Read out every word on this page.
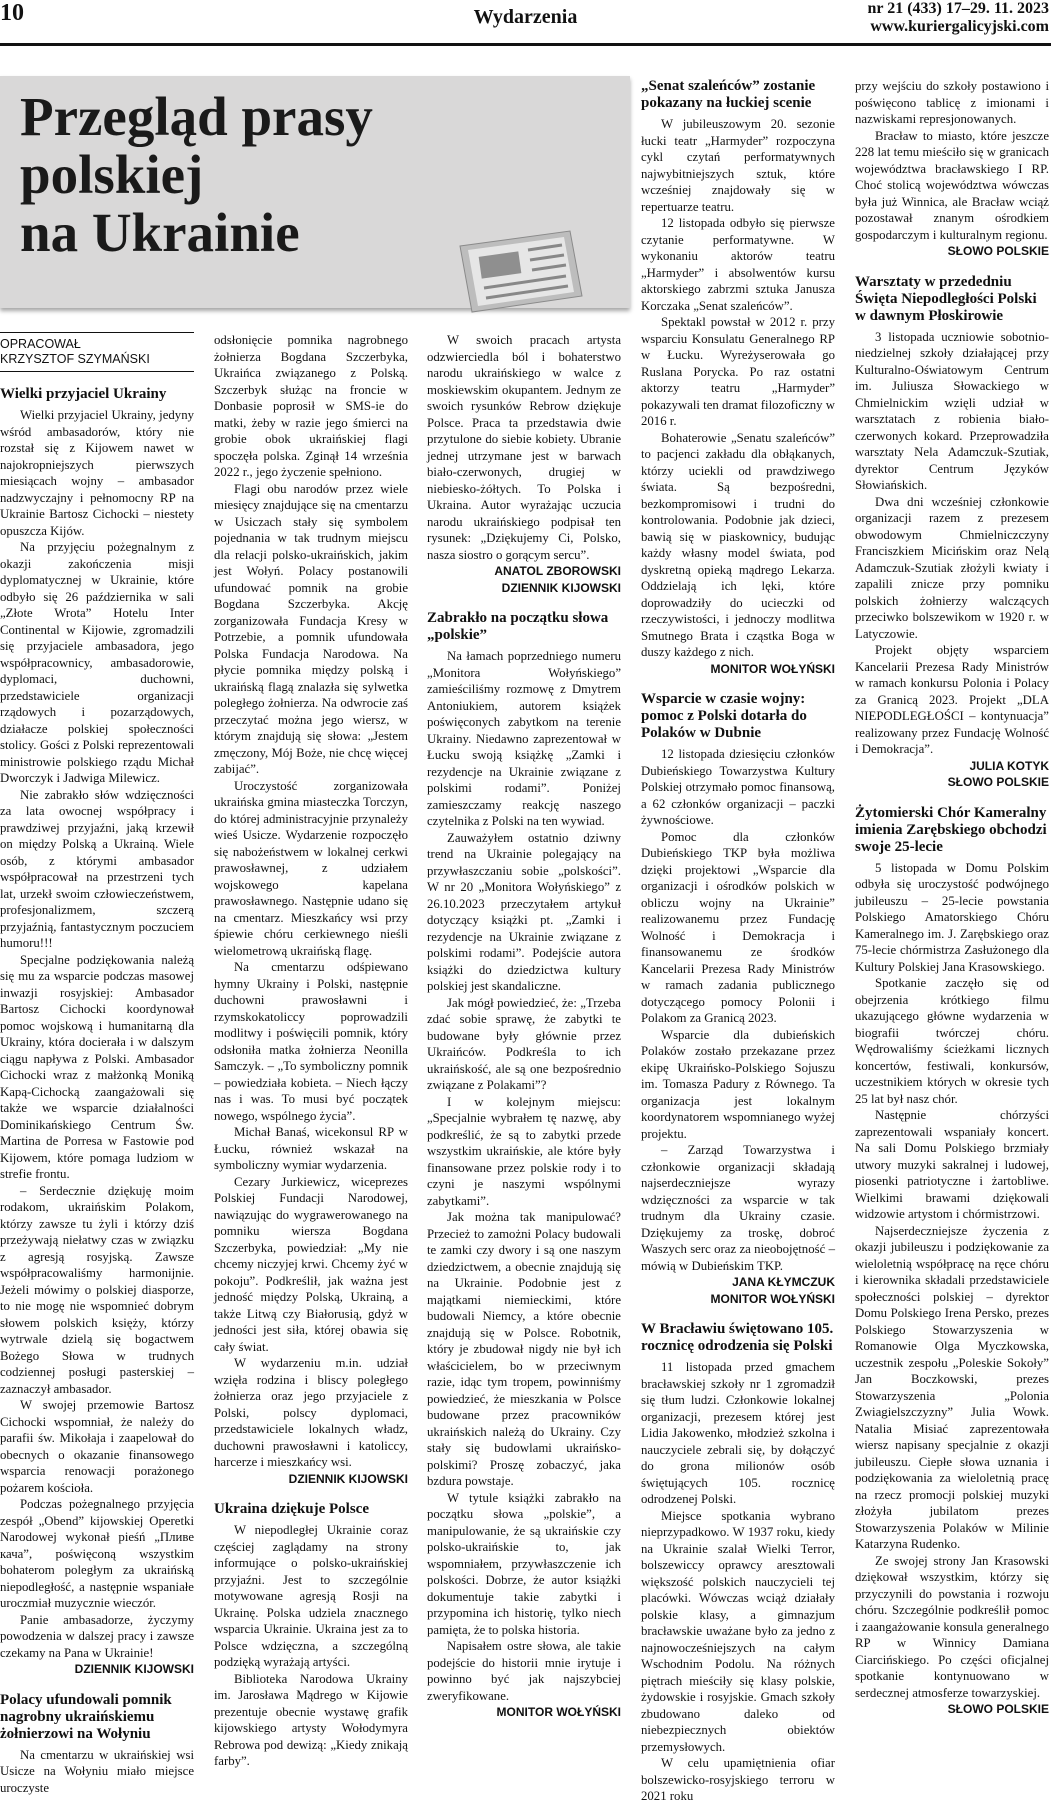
10	Wydarzenia	nr 21 (433) 17–29. 11. 2023
www.kuriergalicyjski.com
Przegląd prasy
polskiej
na Ukrainie

OPRACOWAŁ
KRZYSZTOF SZYMAŃSKI

Wielki przyjaciel Ukrainy

Wielki przyjaciel Ukrainy, jedyny wśród ambasadorów, który nie rozstał się z Kijowem nawet w najokropniejszych pierwszych miesiącach wojny – ambasador nadzwyczajny i pełnomocny RP na Ukrainie Bartosz Cichocki – niestety opuszcza Kijów.

Na przyjęciu pożegnalnym z okazji zakończenia misji dyplomatycznej w Ukrainie, które odbyło się 26 października w sali „Złote Wrota” Hotelu Inter Continental w Kijowie, zgromadzili się przyjaciele ambasadora, jego współpracownicy, ambasadorowie, dyplomaci, duchowni, przedstawiciele organizacji rządowych i pozarządowych, działacze polskiej społeczności stolicy. Gości z Polski reprezentowali ministrowie polskiego rządu Michał Dworczyk i Jadwiga Milewicz.

Nie zabrakło słów wdzięczności za lata owocnej współpracy i prawdziwej przyjaźni, jaką krzewił on między Polską a Ukrainą. Wiele osób, z którymi ambasador współpracował na przestrzeni tych lat, urzekł swoim człowieczeństwem, profesjonalizmem, szczerą przyjaźnią, fantastycznym poczuciem humoru!!!

Specjalne podziękowania należą się mu za wsparcie podczas masowej inwazji rosyjskiej: Ambasador Bartosz Cichocki koordynował pomoc wojskową i humanitarną dla Ukrainy, która docierała i w dalszym ciągu napływa z Polski. Ambasador Cichocki wraz z małżonką Moniką Kapą-Cichocką zaangażowali się także we wsparcie działalności Dominikańskiego Centrum Św. Martina de Porresa w Fastowie pod Kijowem, które pomaga ludziom w strefie frontu.

– Serdecznie dziękuję moim rodakom, ukraińskim Polakom, którzy zawsze tu żyli i którzy dziś przeżywają niełatwy czas w związku z agresją rosyjską. Zawsze współpracowaliśmy harmonijnie. Jeżeli mówimy o polskiej diasporze, to nie mogę nie wspomnieć dobrym słowem polskich księży, którzy wytrwale dzielą się bogactwem Bożego Słowa w trudnych codziennej posługi pasterskiej – zaznaczył ambasador.

W swojej przemowie Bartosz Cichocki wspomniał, że należy do parafii św. Mikołaja i zaapelował do obecnych o okazanie finansowego wsparcia renowacji porażonego pożarem kościoła.

Podczas pożegnalnego przyjęcia zespół „Obend” kijowskiej Operetki Narodowej wykonał pieśń „Пливе кача”, poświęconą wszystkim bohaterom poległym za ukraińską niepodległość, a następnie wspaniałe uroczmiał muzycznie wieczór.

Panie ambasadorze, życzymy powodzenia w dalszej pracy i zawsze czekamy na Pana w Ukrainie!

DZIENNIK KIJOWSKI

Polacy ufundowali pomnik nagrobny ukraińskiemu żołnierzowi na Wołyniu

Na cmentarzu w ukraińskiej wsi Usicze na Wołyniu miało miejsce uroczyste

odsłonięcie pomnika nagrobnego żołnierza Bogdana Szczerbyka, Ukraińca związanego z Polską. Szczerbyk służąc na froncie w Donbasie poprosił w SMS-ie do matki, żeby w razie jego śmierci na grobie obok ukraińskiej flagi spoczęła polska. Zginął 14 września 2022 r., jego życzenie spełniono.

Flagi obu narodów przez wiele miesięcy znajdujące się na cmentarzu w Usiczach stały się symbolem pojednania w tak trudnym miejscu dla relacji polsko-ukraińskich, jakim jest Wołyń. Polacy postanowili ufundować pomnik na grobie Bogdana Szczerbyka. Akcję zorganizowała Fundacja Kresy w Potrzebie, a pomnik ufundowała Polska Fundacja Narodowa. Na płycie pomnika między polską i ukraińską flagą znalazła się sylwetka poległego żołnierza. Na odwrocie zaś przeczytać można jego wiersz, w którym znajdują się słowa: „Jestem zmęczony, Mój Boże, nie chcę więcej zabijać”.

Uroczystość zorganizowała ukraińska gmina miasteczka Torczyn, do której administracyjnie przynależy wieś Usicze. Wydarzenie rozpoczęło się nabożeństwem w lokalnej cerkwi prawosławnej, z udziałem wojskowego kapelana prawosławnego. Następnie udano się na cmentarz. Mieszkańcy wsi przy śpiewie chóru cerkiewnego nieśli wielometrową ukraińską flagę.

Na cmentarzu odśpiewano hymny Ukrainy i Polski, następnie duchowni prawosławni i rzymskokatoliccy poprowadzili modlitwy i poświęcili pomnik, który odsłoniła matka żołnierza Neonilla Samczyk. – „To symboliczny pomnik – powiedziała kobieta. – Niech łączy nas i was. To musi być początek nowego, wspólnego życia”.

Michał Banaś, wicekonsul RP w Łucku, również wskazał na symboliczny wymiar wydarzenia.

Cezary Jurkiewicz, wiceprezes Polskiej Fundacji Narodowej, nawiązując do wygrawerowanego na pomniku wiersza Bogdana Szczerbyka, powiedział: „My nie chcemy niczyjej krwi. Chcemy żyć w pokoju”. Podkreślił, jak ważna jest jedność między Polską, Ukrainą, a także Litwą czy Białorusią, gdyż w jedności jest siła, której obawia się cały świat.

W wydarzeniu m.in. udział wzięła rodzina i bliscy poległego żołnierza oraz jego przyjaciele z Polski, polscy dyplomaci, przedstawiciele lokalnych władz, duchowni prawosławni i katoliccy, harcerze i mieszkańcy wsi.

DZIENNIK KIJOWSKI

Ukraina dziękuje Polsce

W niepodległej Ukrainie coraz częściej zaglądamy na strony informujące o polsko-ukraińskiej przyjaźni. Jest to szczególnie motywowane agresją Rosji na Ukrainę. Polska udziela znacznego wsparcia Ukrainie. Ukraina jest za to Polsce wdzięczna, a szczególną podzięką wyrażają artyści.

Biblioteka Narodowa Ukrainy im. Jarosława Mądrego w Kijowie prezentuje obecnie wystawę grafik kijowskiego artysty Wołodymyra Rebrowa pod dewizą: „Kiedy znikają farby”.

W swoich pracach artysta odzwierciedla ból i bohaterstwo narodu ukraińskiego w walce z moskiewskim okupantem. Jednym ze swoich rysunków Rebrow dziękuje Polsce. Praca ta przedstawia dwie przytulone do siebie kobiety. Ubranie jednej utrzymane jest w barwach biało-czerwonych, drugiej w niebiesko-żółtych. To Polska i Ukraina. Autor wyrażając uczucia narodu ukraińskiego podpisał ten rysunek: „Dziękujemy Ci, Polsko, nasza siostro o gorącym sercu”.

ANATOL ZBOROWSKI

DZIENNIK KIJOWSKI

Zabrakło na początku słowa „polskie”

Na łamach poprzedniego numeru „Monitora Wołyńskiego” zamieściliśmy rozmowę z Dmytrem Antoniukiem, autorem książek poświęconych zabytkom na terenie Ukrainy. Niedawno zaprezentował w Łucku swoją książkę „Zamki i rezydencje na Ukrainie związane z polskimi rodami”. Poniżej zamieszczamy reakcję naszego czytelnika z Polski na ten wywiad.

Zauważyłem ostatnio dziwny trend na Ukrainie polegający na przywłaszczaniu sobie „polskości”. W nr 20 „Monitora Wołyńskiego” z 26.10.2023 przeczytałem artykuł dotyczący książki pt. „Zamki i rezydencje na Ukrainie związane z polskimi rodami”. Podejście autora książki do dziedzictwa kultury polskiej jest skandaliczne.

Jak mógł powiedzieć, że: „Trzeba zdać sobie sprawę, że zabytki te budowane były głównie przez Ukraińców. Podkreśla to ich ukraińskość, ale są one bezpośrednio związane z Polakami”?

I w kolejnym miejscu: „Specjalnie wybrałem tę nazwę, aby podkreślić, że są to zabytki przede wszystkim ukraińskie, ale które były finansowane przez polskie rody i to czyni je naszymi wspólnymi zabytkami”.

Jak można tak manipulować? Przecież to zamożni Polacy budowali te zamki czy dwory i są one naszym dziedzictwem, a obecnie znajdują się na Ukrainie. Podobnie jest z majątkami niemieckimi, które budowali Niemcy, a które obecnie znajdują się w Polsce. Robotnik, który je zbudował nigdy nie był ich właścicielem, bo w przeciwnym razie, idąc tym tropem, powinniśmy powiedzieć, że mieszkania w Polsce budowane przez pracowników ukraińskich należą do Ukrainy. Czy stały się budowlami ukraińsko-polskimi? Proszę zobaczyć, jaka bzdura powstaje.

W tytule książki zabrakło na początku słowa „polskie”, a manipulowanie, że są ukraińskie czy polsko-ukraińskie to, jak wspomniałem, przywłaszczenie ich polskości. Dobrze, że autor książki dokumentuje takie zabytki i przypomina ich historię, tylko niech pamięta, że to polska historia.

Napisałem ostre słowa, ale takie podejście do historii mnie irytuje i powinno być jak najszybciej zweryfikowane.

MONITOR WOŁYŃSKI

„Senat szaleńców” zostanie pokazany na łuckiej scenie

W jubileuszowym 20. sezonie łucki teatr „Harmyder” rozpoczyna cykl czytań performatywnych najwybitniejszych sztuk, które wcześniej znajdowały się w repertuarze teatru.

12 listopada odbyło się pierwsze czytanie performatywne. W wykonaniu aktorów teatru „Harmyder” i absolwentów kursu aktorskiego zabrzmi sztuka Janusza Korczaka „Senat szaleńców”.

Spektakl powstał w 2012 r. przy wsparciu Konsulatu Generalnego RP w Łucku. Wyreżyserowała go Ruslana Porycka. Po raz ostatni aktorzy teatru „Harmyder” pokazywali ten dramat filozoficzny w 2016 r.

Bohaterowie „Senatu szaleńców” to pacjenci zakładu dla obłąkanych, którzy uciekli od prawdziwego świata. Są bezpośredni, bezkompromisowi i trudni do kontrolowania. Podobnie jak dzieci, bawią się w piaskownicy, budując każdy własny model świata, pod dyskretną opieką mądrego Lekarza. Oddzielają ich lęki, które doprowadziły do ucieczki od rzeczywistości, i jednoczy modlitwa Smutnego Brata i cząstka Boga w duszy każdego z nich.

MONITOR WOŁYŃSKI

Wsparcie w czasie wojny: pomoc z Polski dotarła do Polaków w Dubnie

12 listopada dziesięciu członków Dubieńskiego Towarzystwa Kultury Polskiej otrzymało pomoc finansową, a 62 członków organizacji – paczki żywnościowe.

Pomoc dla członków Dubieńskiego TKP była możliwa dzięki projektowi „Wsparcie dla organizacji i ośrodków polskich w obliczu wojny na Ukrainie” realizowanemu przez Fundację Wolność i Demokracja i finansowanemu ze środków Kancelarii Prezesa Rady Ministrów w ramach zadania publicznego dotyczącego pomocy Polonii i Polakom za Granicą 2023.

Wsparcie dla dubieńskich Polaków zostało przekazane przez ekipę Ukraińsko-Polskiego Sojuszu im. Tomasza Padury z Równego. Ta organizacja jest lokalnym koordynatorem wspomnianego wyżej projektu.

– Zarząd Towarzystwa i członkowie organizacji składają najserdeczniejsze wyrazy wdzięczności za wsparcie w tak trudnym dla Ukrainy czasie. Dziękujemy za troskę, dobroć Waszych serc oraz za nieobojętność – mówią w Dubieńskim TKP.

JANA KŁYMCZUK

MONITOR WOŁYŃSKI

W Bracławiu świętowano 105. rocznicę odrodzenia się Polski

11 listopada przed gmachem bracławskiej szkoły nr 1 zgromadził się tłum ludzi. Członkowie lokalnej organizacji, prezesem której jest Lidia Jakowenko, młodzież szkolna i nauczyciele zebrali się, by dołączyć do grona milionów osób świętujących 105. rocznicę odrodzenej Polski.

Miejsce spotkania wybrano nieprzypadkowo. W 1937 roku, kiedy na Ukrainie szalał Wielki Terror, bolszewiccy oprawcy aresztowali większość polskich nauczycieli tej placówki. Wówczas wciąż działały polskie klasy, a gimnazjum bracławskie uważane było za jedno z najnowocześniejszych na całym Wschodnim Podolu. Na różnych piętrach mieściły się klasy polskie, żydowskie i rosyjskie. Gmach szkoły zbudowano daleko od niebezpiecznych obiektów przemysłowych.

W celu upamiętnienia ofiar bolszewicko-rosyjskiego terroru w 2021 roku

przy wejściu do szkoły postawiono i poświęcono tablicę z imionami i nazwiskami represjonowanych.

Bracław to miasto, które jeszcze 228 lat temu mieściło się w granicach województwa bracławskiego I RP. Choć stolicą województwa wówczas była już Winnica, ale Bracław wciąż pozostawał znanym ośrodkiem gospodarczym i kulturalnym regionu.

SŁOWO POLSKIE

Warsztaty w przededniu Święta Niepodległości Polski w dawnym Płoskirowie

3 listopada uczniowie sobotnio-niedzielnej szkoły działającej przy Kulturalno-Oświatowym Centrum im. Juliusza Słowackiego w Chmielnickim wzięli udział w warsztatach z robienia biało-czerwonych kokard. Przeprowadziła warsztaty Nela Adamczuk-Szutiak, dyrektor Centrum Języków Słowiańskich.

Dwa dni wcześniej członkowie organizacji razem z prezesem obwodowym Chmielniczczyny Franciszkiem Micińskim oraz Nelą Adamczuk-Szutiak złożyli kwiaty i zapalili znicze przy pomniku polskich żołnierzy walczących przeciwko bolszewikom w 1920 r. w Latyczowie.

Projekt objęty wsparciem Kancelarii Prezesa Rady Ministrów w ramach konkursu Polonia i Polacy za Granicą 2023. Projekt „DLA NIEPODLEGŁOŚCI – kontynuacja” realizowany przez Fundację Wolność i Demokracja”.

JULIA KOTYK

SŁOWO POLSKIE

Żytomierski Chór Kameralny imienia Zarębskiego obchodzi swoje 25-lecie

5 listopada w Domu Polskim odbyła się uroczystość podwójnego jubileuszu – 25-lecie powstania Polskiego Amatorskiego Chóru Kameralnego im. J. Zarębskiego oraz 75-lecie chórmistrza Zasłużonego dla Kultury Polskiej Jana Krasowskiego.

Spotkanie zaczęło się od obejrzenia krótkiego filmu ukazującego główne wydarzenia w biografii twórczej chóru. Wędrowaliśmy ścieżkami licznych koncertów, festiwali, konkursów, uczestnikiem których w okresie tych 25 lat był nasz chór.

Następnie chórzyści zaprezentowali wspaniały koncert. Na sali Domu Polskiego brzmiały utwory muzyki sakralnej i ludowej, piosenki patriotyczne i żartobliwe. Wielkimi brawami dziękowali widzowie artystom i chórmistrzowi.

Najserdeczniejsze życzenia z okazji jubileuszu i podziękowanie za wieloletnią współpracę na ręce chóru i kierownika składali przedstawiciele społeczności polskiej – dyrektor Domu Polskiego Irena Persko, prezes Polskiego Stowarzyszenia w Romanowie Olga Myczkowska, uczestnik zespołu „Poleskie Sokoły” Jan Boczkowski, prezes Stowarzyszenia „Polonia Zwiagielszczyzny” Julia Wowk. Natalia Misiać zaprezentowała wiersz napisany specjalnie z okazji jubileuszu. Ciepłe słowa uznania i podziękowania za wieloletnią pracę na rzecz promocji polskiej muzyki złożyła jubilatom prezes Stowarzyszenia Polaków w Milinie Katarzyna Rudenko.

Ze swojej strony Jan Krasowski dziękował wszystkim, którzy się przyczynili do powstania i rozwoju chóru. Szczególnie podkreślił pomoc i zaangażowanie konsula generalnego RP w Winnicy Damiana Ciarcińskiego. Po części oficjalnej spotkanie kontynuowano w serdecznej atmosferze towarzyskiej.

SŁOWO POLSKIE
